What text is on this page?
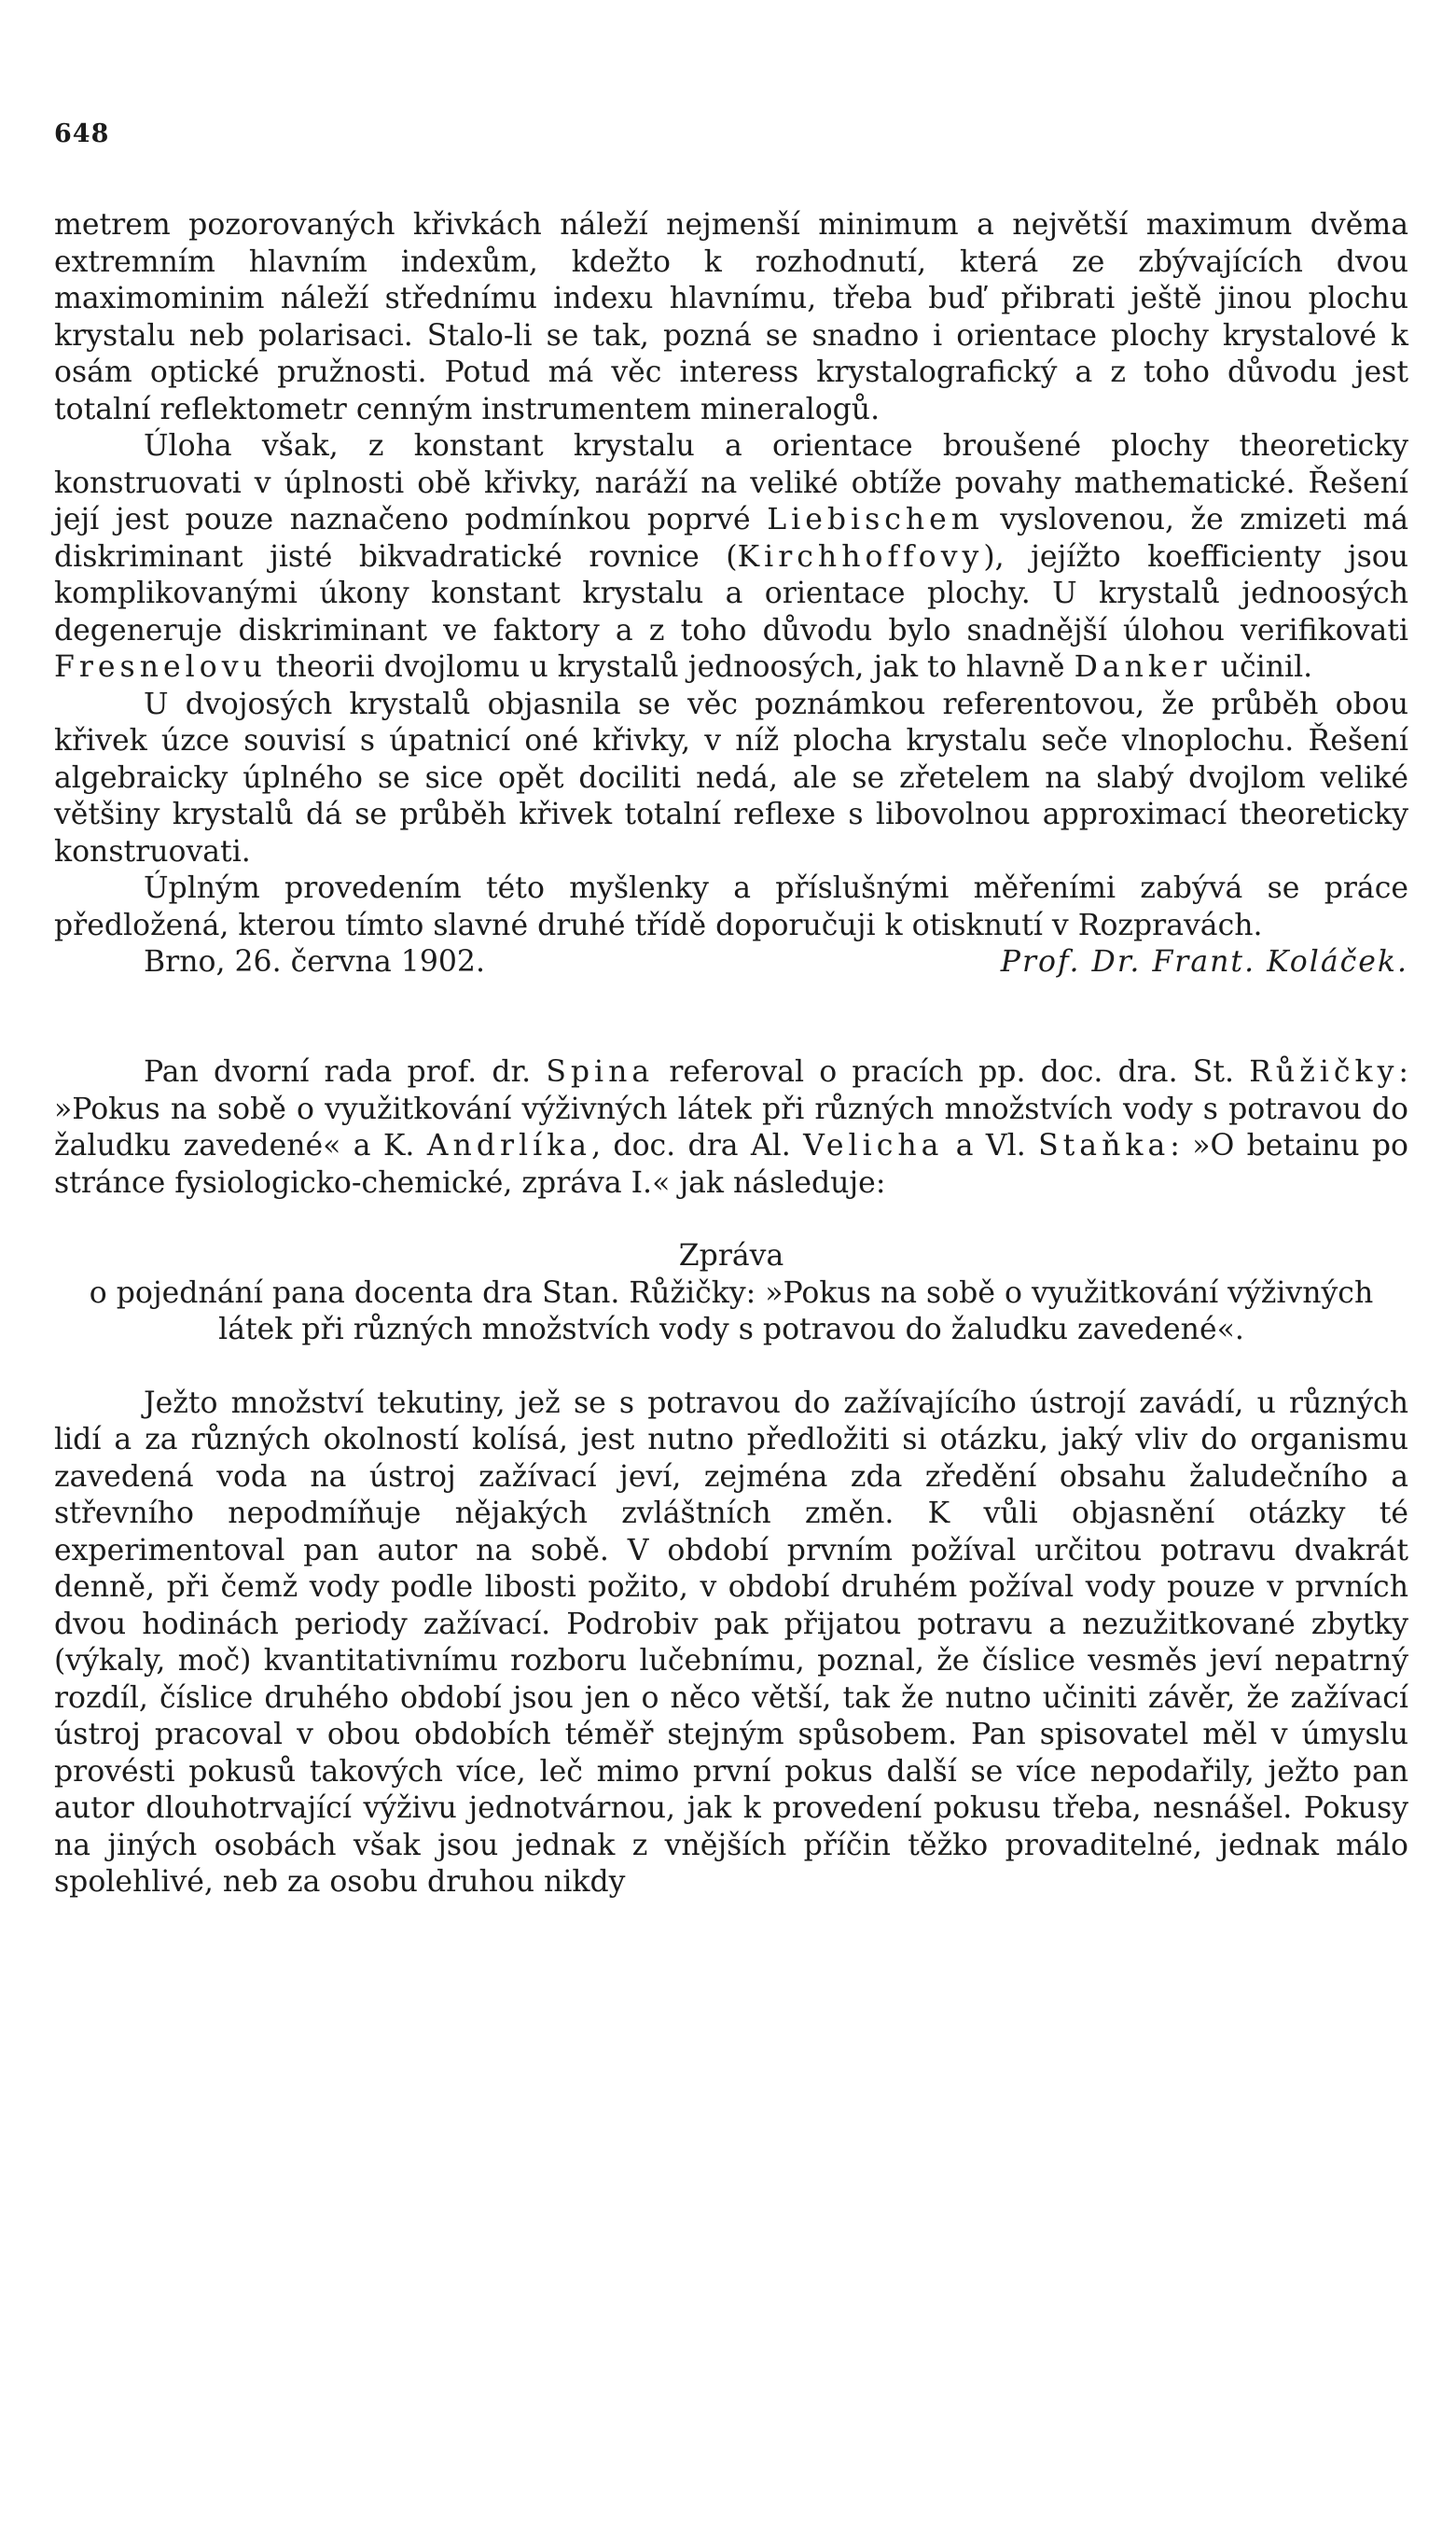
648

metrem pozorovaných křivkách náleží nejmenší minimum a největší maximum dvěma extremním hlavním indexům, kdežto k rozhodnutí, která ze zbývajících dvou maximominim náleží střednímu indexu hlavnímu, třeba buď přibrati ještě jinou plochu krystalu neb polarisaci. Stalo-li se tak, pozná se snadno i orientace plochy krystalové k osám optické pružnosti. Potud má věc interess krystalografický a z toho důvodu jest totalní reflektometr cenným instrumentem mineralogů.

Úloha však, z konstant krystalu a orientace broušené plochy theoreticky konstruovati v úplnosti obě křivky, naráží na veliké obtíže povahy mathematické. Řešení její jest pouze naznačeno podmínkou poprvé Liebischem vyslovenou, že zmizeti má diskriminant jisté bikvadratické rovnice (Kirchhoffovy), jejížto koefficienty jsou komplikovanými úkony konstant krystalu a orientace plochy. U krystalů jednoosých degeneruje diskriminant ve faktory a z toho důvodu bylo snadnější úlohou verifikovati Fresnelovu theorii dvojlomu u krystalů jednoosých, jak to hlavně Danker učinil.

U dvojosých krystalů objasnila se věc poznámkou referentovou, že průběh obou křivek úzce souvisí s úpatnicí oné křivky, v níž plocha krystalu seče vlnoplochu. Řešení algebraicky úplného se sice opět dociliti nedá, ale se zřetelem na slabý dvojlom veliké většiny krystalů dá se průběh křivek totalní reflexe s libovolnou approximací theoreticky konstruovati.

Úplným provedením této myšlenky a příslušnými měřeními zabývá se práce předložená, kterou tímto slavné druhé třídě doporučuji k otisknutí v Rozpravách.

Brno, 26. června 1902.	Prof. Dr. Frant. Koláček.

Pan dvorní rada prof. dr. Spina referoval o pracích pp. doc. dra. St. Růžičky: »Pokus na sobě o využitkování výživných látek při různých množstvích vody s potravou do žaludku zavedené« a K. Andrlíka, doc. dra Al. Velicha a Vl. Staňka: »O betainu po stránce fysiologicko-chemické, zpráva I.« jak následuje:

Zpráva

o pojednání pana docenta dra Stan. Růžičky: »Pokus na sobě o využitkování výživných látek při různých množstvích vody s potravou do žaludku zavedené«.

Ježto množství tekutiny, jež se s potravou do zažívajícího ústrojí zavádí, u různých lidí a za různých okolností kolísá, jest nutno předložiti si otázku, jaký vliv do organismu zavedená voda na ústroj zažívací jeví, zejména zda zředění obsahu žaludečního a střevního nepodmíňuje nějakých zvláštních změn. K vůli objasnění otázky té experimentoval pan autor na sobě. V období prvním požíval určitou potravu dvakrát denně, při čemž vody podle libosti požito, v období druhém požíval vody pouze v prvních dvou hodinách periody zažívací. Podrobiv pak přijatou potravu a nezužitkované zbytky (výkaly, moč) kvantitativnímu rozboru lučebnímu, poznal, že číslice vesměs jeví nepatrný rozdíl, číslice druhého období jsou jen o něco větší, tak že nutno učiniti závěr, že zažívací ústroj pracoval v obou obdobích téměř stejným spůsobem. Pan spisovatel měl v úmyslu provésti pokusů takových více, leč mimo první pokus další se více nepodařily, ježto pan autor dlouhotrvající výživu jednotvárnou, jak k provedení pokusu třeba, nesnášel. Pokusy na jiných osobách však jsou jednak z vnějších příčin těžko provaditelné, jednak málo spolehlivé, neb za osobu druhou nikdy
